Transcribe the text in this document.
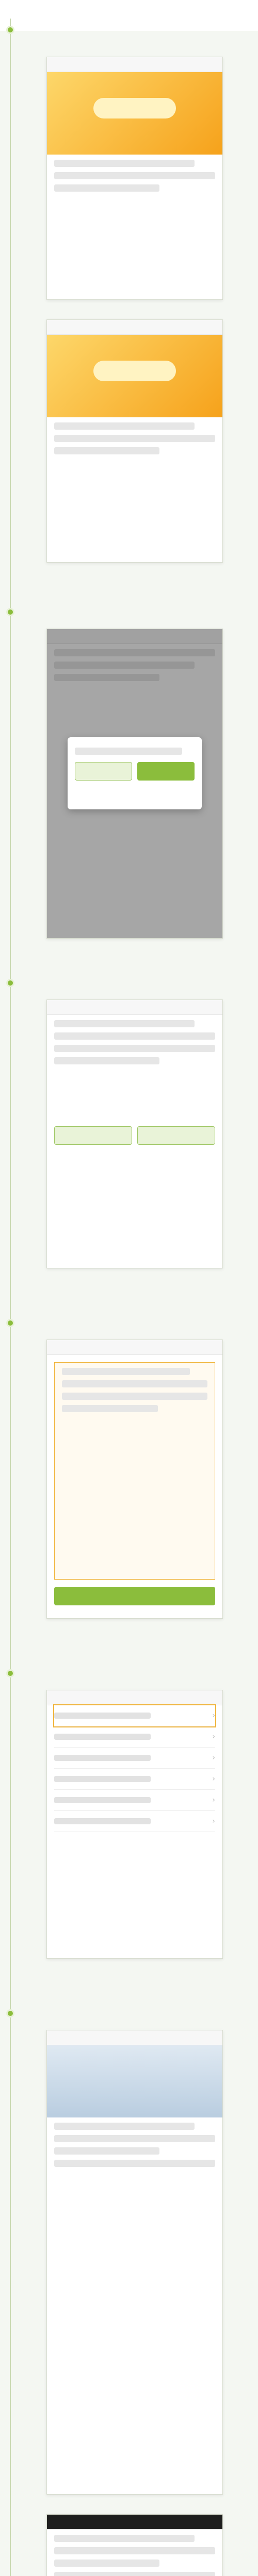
›
›
›
›
›
›
